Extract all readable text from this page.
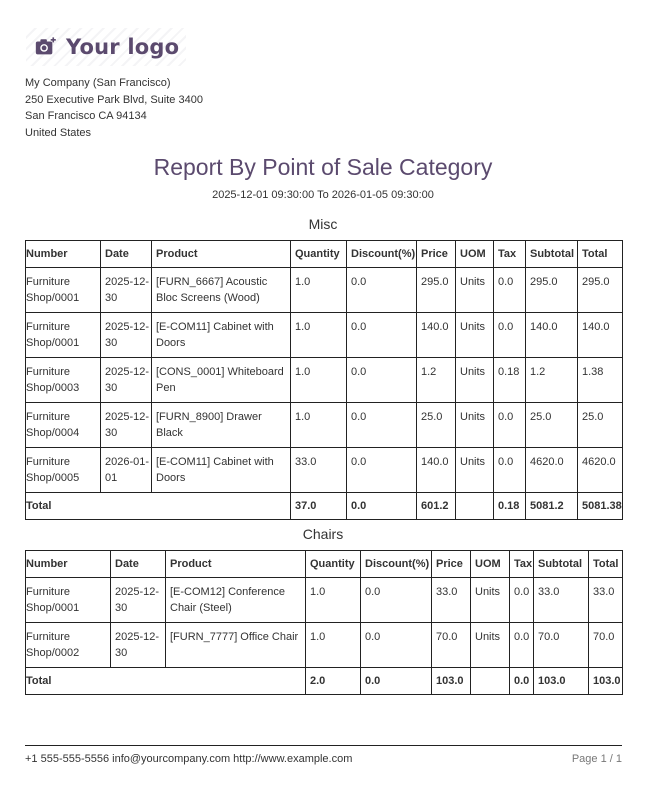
Your logo
My Company (San Francisco)
250 Executive Park Blvd, Suite 3400
San Francisco CA 94134
United States
Report By Point of Sale Category
2025-12-01 09:30:00 To 2026-01-05 09:30:00
Misc
Number	Date	Product	Quantity	Discount(%)	Price	UOM	Tax	Subtotal	Total
Furniture Shop/0001	2025-12-30	[FURN_6667] Acoustic Bloc Screens (Wood)	1.0	0.0	295.0	Units	0.0	295.0	295.0
Furniture Shop/0001	2025-12-30	[E-COM11] Cabinet with Doors	1.0	0.0	140.0	Units	0.0	140.0	140.0
Furniture Shop/0003	2025-12-30	[CONS_0001] Whiteboard Pen	1.0	0.0	1.2	Units	0.18	1.2	1.38
Furniture Shop/0004	2025-12-30	[FURN_8900] Drawer Black	1.0	0.0	25.0	Units	0.0	25.0	25.0
Furniture Shop/0005	2026-01-01	[E-COM11] Cabinet with Doors	33.0	0.0	140.0	Units	0.0	4620.0	4620.0
Total			37.0	0.0	601.2		0.18	5081.2	5081.38
Chairs
Number	Date	Product	Quantity	Discount(%)	Price	UOM	Tax	Subtotal	Total
Furniture Shop/0001	2025-12-30	[E-COM12] Conference Chair (Steel)	1.0	0.0	33.0	Units	0.0	33.0	33.0
Furniture Shop/0002	2025-12-30	[FURN_7777] Office Chair	1.0	0.0	70.0	Units	0.0	70.0	70.0
Total			2.0	0.0	103.0		0.0	103.0	103.0
+1 555-555-5556 info@yourcompany.com http://www.example.com	Page 1 / 1
